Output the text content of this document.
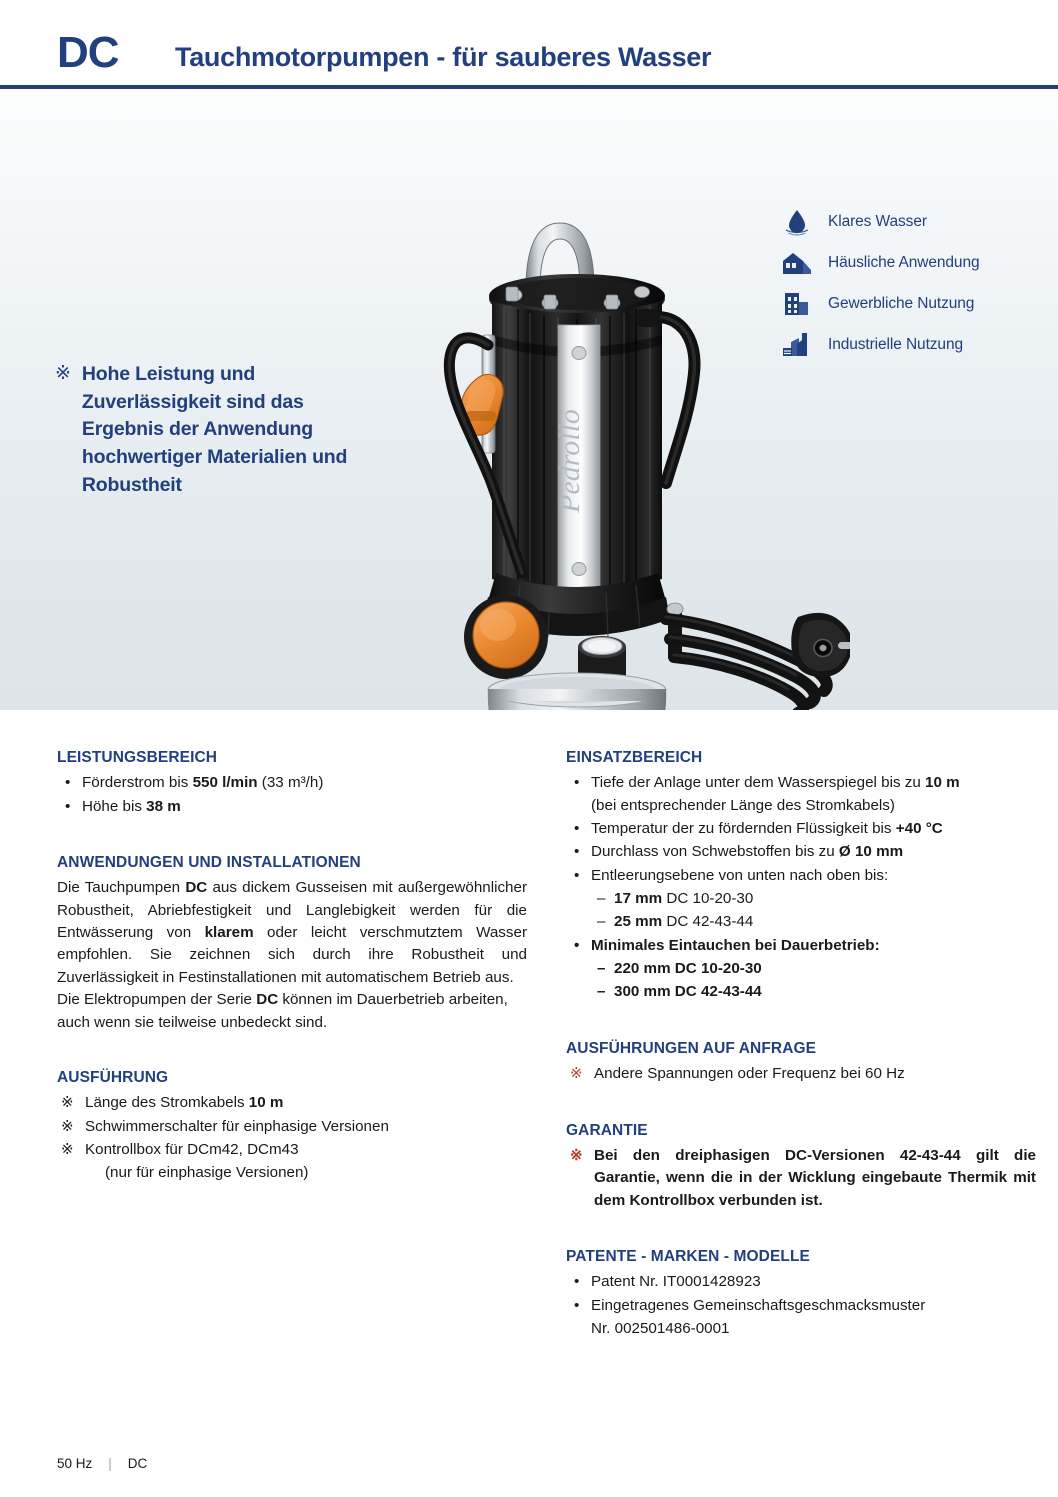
DC Tauchmotorpumpen - für sauberes Wasser
Pedrollo
※ Hohe Leistung und Zuverlässigkeit sind das Ergebnis der Anwendung hochwertiger Materialien und Robustheit
Klares Wasser
Häusliche Anwendung
Gewerbliche Nutzung
Industrielle Nutzung
LEISTUNGSBEREICH
• Förderstrom bis 550 l/min (33 m³/h)
• Höhe bis 38 m
ANWENDUNGEN UND INSTALLATIONEN

Die Tauchpumpen DC aus dickem Gusseisen mit außergewöhnlicher Robustheit, Abriebfestigkeit und Langlebigkeit werden für die Entwässerung von klarem oder leicht verschmutztem Wasser empfohlen. Sie zeichnen sich durch ihre Robustheit und Zuverlässigkeit in Festinstallationen mit automatischem Betrieb aus.

Die Elektropumpen der Serie DC können im Dauerbetrieb arbeiten, auch wenn sie teilweise unbedeckt sind.

AUSFÜHRUNG
※ Länge des Stromkabels 10 m
※ Schwimmerschalter für einphasige Versionen
※ Kontrollbox für DCm42, DCm43
(nur für einphasige Versionen)
EINSATZBEREICH
• Tiefe der Anlage unter dem Wasserspiegel bis zu 10 m
(bei entsprechender Länge des Stromkabels)
• Temperatur der zu fördernden Flüssigkeit bis +40 °C
• Durchlass von Schwebstoffen bis zu Ø 10 mm
• Entleerungsebene von unten nach oben bis:
– 17 mm DC 10-20-30
– 25 mm DC 42-43-44
• Minimales Eintauchen bei Dauerbetrieb:
– 220 mm DC 10-20-30
– 300 mm DC 42-43-44
AUSFÜHRUNGEN AUF ANFRAGE
※ Andere Spannungen oder Frequenz bei 60 Hz
GARANTIE
※ Bei den dreiphasigen DC-Versionen 42-43-44 gilt die Garantie, wenn die in der Wicklung eingebaute Thermik mit dem Kontrollbox verbunden ist.
PATENTE - MARKEN - MODELLE
• Patent Nr. IT0001428923
• Eingetragenes Gemeinschaftsgeschmacksmuster
Nr. 002501486-0001
50 Hz | DC
